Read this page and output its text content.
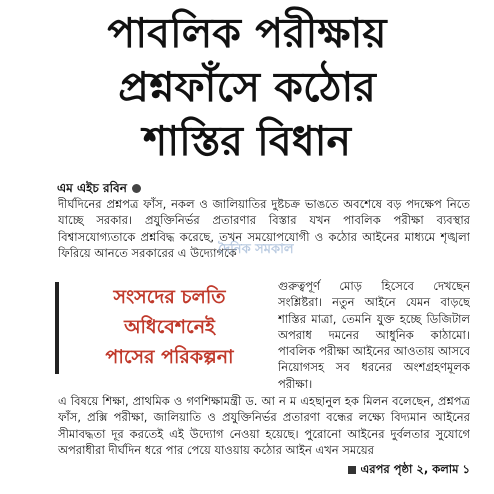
পাবলিক পরীক্ষায়
প্রশ্নফাঁসে কঠোর
শাস্তির বিধান
এম এইচ রবিন
দীর্ঘদিনের প্রশ্নপত্র ফাঁস, নকল ও জালিয়াতির দুষ্টচক্র ভাঙতে অবশেষে বড় পদক্ষেপ নিতে যাচ্ছে সরকার। প্রযুক্তিনির্ভর প্রতারণার বিস্তার যখন পাবলিক পরীক্ষা ব্যবস্থার বিশ্বাসযোগ্যতাকে প্রশ্নবিদ্ধ করেছে, তখন সময়োপযোগী ও কঠোর আইনের মাধ্যমে শৃঙ্খলা ফিরিয়ে আনতে সরকারের এ উদ্যোগকে
সংসদের চলতি
অধিবেশনেই
পাসের পরিকল্পনা
গুরুত্বপূর্ণ মোড় হিসেবে দেখছেন সংশ্লিষ্টরা। নতুন আইনে যেমন বাড়ছে শাস্তির মাত্রা, তেমনি যুক্ত হচ্ছে ডিজিটাল অপরাধ দমনের আধুনিক কাঠামো। পাবলিক পরীক্ষা আইনের আওতায় আসবে নিয়োগসহ সব ধরনের অংশগ্রহণমূলক পরীক্ষা।
এ বিষয়ে শিক্ষা, প্রাথমিক ও গণশিক্ষামন্ত্রী ড. আ ন ম এহছানুল হক মিলন বলেছেন, প্রশ্নপত্র ফাঁস, প্রক্সি পরীক্ষা, জালিয়াতি ও প্রযুক্তিনির্ভর প্রতারণা বন্ধের লক্ষ্যে বিদ্যমান আইনের সীমাবদ্ধতা দূর করতেই এই উদ্যোগ নেওয়া হয়েছে। পুরোনো আইনের দুর্বলতার সুযোগে অপরাধীরা দীর্ঘদিন ধরে পার পেয়ে যাওয়ায় কঠোর আইন এখন সময়ের
দৈনিক সমকাল
এরপর পৃষ্ঠা ২, কলাম ১
